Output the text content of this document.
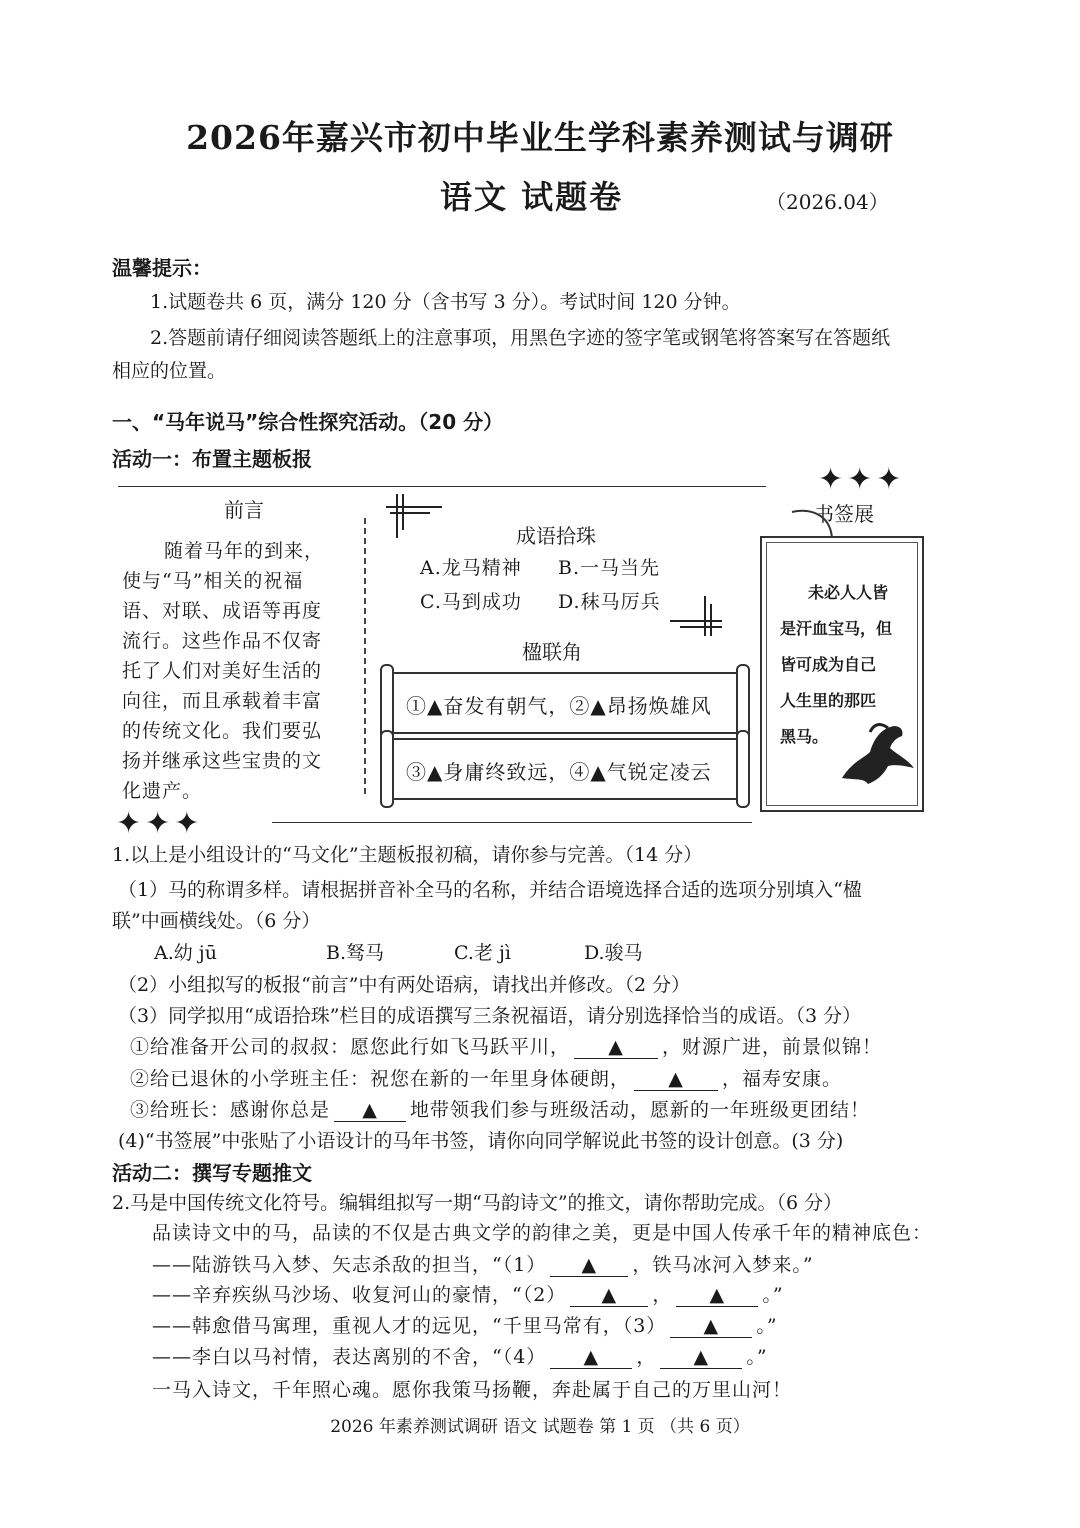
2026年嘉兴市初中毕业生学科素养测试与调研
语文 试题卷	（2026.04）
温馨提示：
1.试题卷共 6 页，满分 120 分（含书写 3 分）。考试时间 120 分钟。
2.答题前请仔细阅读答题纸上的注意事项，用黑色字迹的签字笔或钢笔将答案写在答题纸
相应的位置。
一、“马年说马”综合性探究活动。（20 分）
活动一：布置主题板报
前言
随着马年的到来，
使与“马”相关的祝福
语、对联、成语等再度
流行。这些作品不仅寄
托了人们对美好生活的
向往，而且承载着丰富
的传统文化。我们要弘
扬并继承这些宝贵的文
化遗产。
成语拾珠
A.龙马精神 B.一马当先
C.马到成功 D.秣马厉兵
楹联角
①▲奋发有朝气，②▲昂扬焕雄风
③▲身庸终致远，④▲气锐定凌云
✦✦✦
书签展
未必人人皆
是汗血宝马，但
皆可成为自己
人生里的那匹
黑马。
✦✦✦
1.以上是小组设计的“马文化”主题板报初稿，请你参与完善。（14 分）
（1）马的称谓多样。请根据拼音补全马的名称，并结合语境选择合适的选项分别填入“楹
联”中画横线处。（6 分）
A.幼 jū	B.驽马	C.老 jì	D.骏马
（2）小组拟写的板报“前言”中有两处语病，请找出并修改。（2 分）
（3）同学拟用“成语拾珠”栏目的成语撰写三条祝福语，请分别选择恰当的成语。（3 分）
①给准备开公司的叔叔：愿您此行如飞马跃平川， ▲ ，财源广进，前景似锦！
②给已退休的小学班主任：祝您在新的一年里身体硬朗， ▲ ，福寿安康。
③给班长：感谢你总是 ▲ 地带领我们参与班级活动，愿新的一年班级更团结！
(4)“书签展”中张贴了小语设计的马年书签，请你向同学解说此书签的设计创意。(3 分)
活动二：撰写专题推文
2.马是中国传统文化符号。编辑组拟写一期“马韵诗文”的推文，请你帮助完成。（6 分）
品读诗文中的马，品读的不仅是古典文学的韵律之美，更是中国人传承千年的精神底色：
——陆游铁马入梦、矢志杀敌的担当，“（1） ▲ ，铁马冰河入梦来。”
——辛弃疾纵马沙场、收复河山的豪情，“（2） ▲ ， ▲ 。”
——韩愈借马寓理，重视人才的远见，“千里马常有，（3） ▲ 。”
——李白以马衬情，表达离别的不舍，“（4） ▲ ， ▲ 。”
一马入诗文，千年照心魂。愿你我策马扬鞭，奔赴属于自己的万里山河！
2026 年素养测试调研 语文 试题卷 第 1 页 （共 6 页）
